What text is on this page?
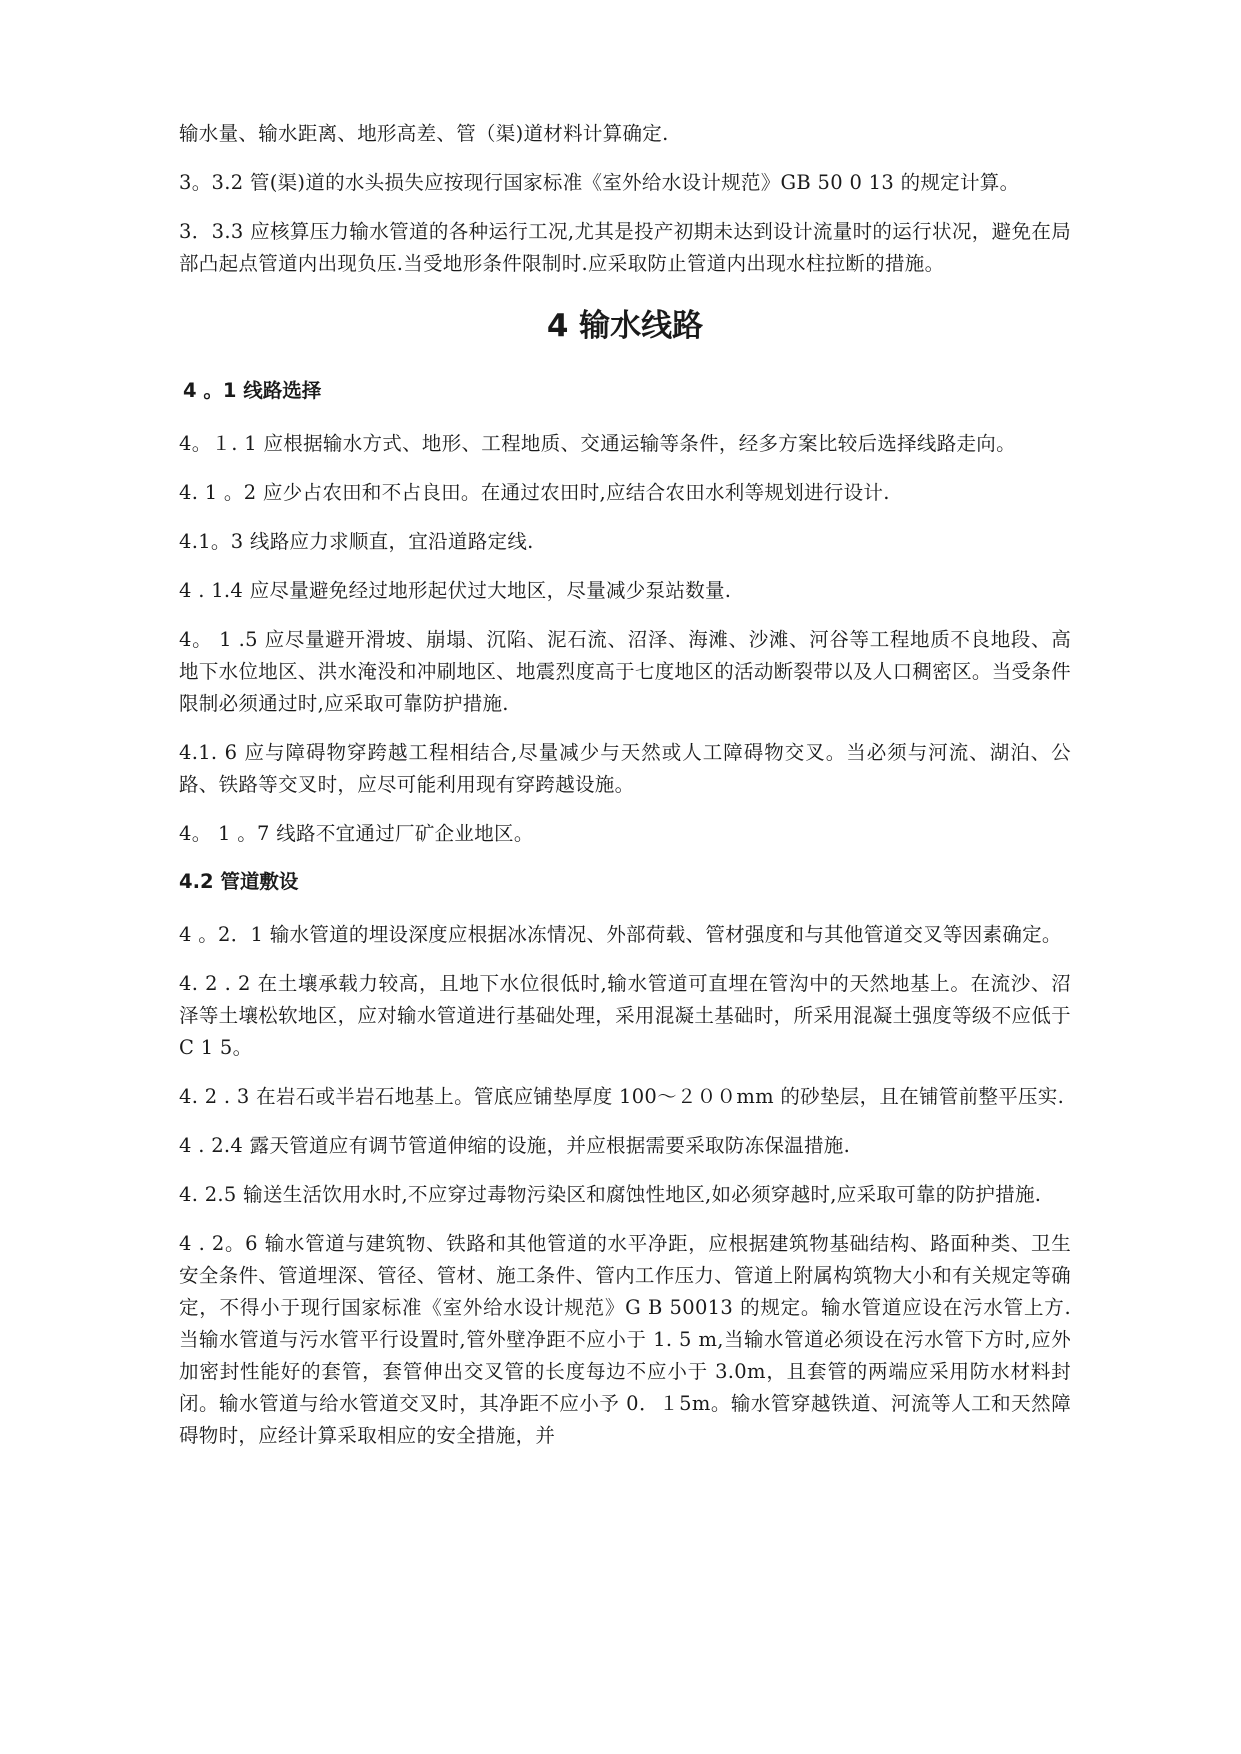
输水量、输水距离、地形高差、管（渠)道材料计算确定.

3。3.2 管(渠)道的水头损失应按现行国家标准《室外给水设计规范》GB 50 0 13 的规定计算。

3．3.3 应核算压力输水管道的各种运行工况,尤其是投产初期未达到设计流量时的运行状况，避免在局部凸起点管道内出现负压.当受地形条件限制时.应采取防止管道内出现水柱拉断的措施。

4 输水线路
4 。1 线路选择

4。１. 1 应根据输水方式、地形、工程地质、交通运输等条件，经多方案比较后选择线路走向。

4. 1 。2 应少占农田和不占良田。在通过农田时,应结合农田水利等规划进行设计.

4.1。3 线路应力求顺直，宜沿道路定线.

4 . 1.4 应尽量避免经过地形起伏过大地区，尽量减少泵站数量.

4。 1 .5 应尽量避开滑坡、崩塌、沉陷、泥石流、沼泽、海滩、沙滩、河谷等工程地质不良地段、高地下水位地区、洪水淹没和冲刷地区、地震烈度高于七度地区的活动断裂带以及人口稠密区。当受条件限制必须通过时,应采取可靠防护措施.

4.1. 6 应与障碍物穿跨越工程相结合,尽量减少与天然或人工障碍物交叉。当必须与河流、湖泊、公路、铁路等交叉时，应尽可能利用现有穿跨越设施。

4。 1 。7 线路不宜通过厂矿企业地区。

4.2 管道敷设

4 。2．1 输水管道的埋设深度应根据冰冻情况、外部荷载、管材强度和与其他管道交叉等因素确定。

4. 2 . 2 在土壤承载力较高，且地下水位很低时,输水管道可直埋在管沟中的天然地基上。在流沙、沼泽等土壤松软地区，应对输水管道进行基础处理，采用混凝土基础时，所采用混凝土强度等级不应低于 C 1 5。

4. 2 . 3 在岩石或半岩石地基上。管底应铺垫厚度 100～２００mm 的砂垫层，且在铺管前整平压实.

4 . 2.4 露天管道应有调节管道伸缩的设施，并应根据需要采取防冻保温措施.

4. 2.5 输送生活饮用水时,不应穿过毒物污染区和腐蚀性地区,如必须穿越时,应采取可靠的防护措施.

4 . 2。6 输水管道与建筑物、铁路和其他管道的水平净距，应根据建筑物基础结构、路面种类、卫生安全条件、管道埋深、管径、管材、施工条件、管内工作压力、管道上附属构筑物大小和有关规定等确定，不得小于现行国家标准《室外给水设计规范》G B 50013 的规定。输水管道应设在污水管上方.当输水管道与污水管平行设置时,管外壁净距不应小于 1. 5 m,当输水管道必须设在污水管下方时,应外加密封性能好的套管，套管伸出交叉管的长度每边不应小于 3.0m，且套管的两端应采用防水材料封闭。输水管道与给水管道交叉时，其净距不应小予 0．１5m。输水管穿越铁道、河流等人工和天然障碍物时，应经计算采取相应的安全措施，并
